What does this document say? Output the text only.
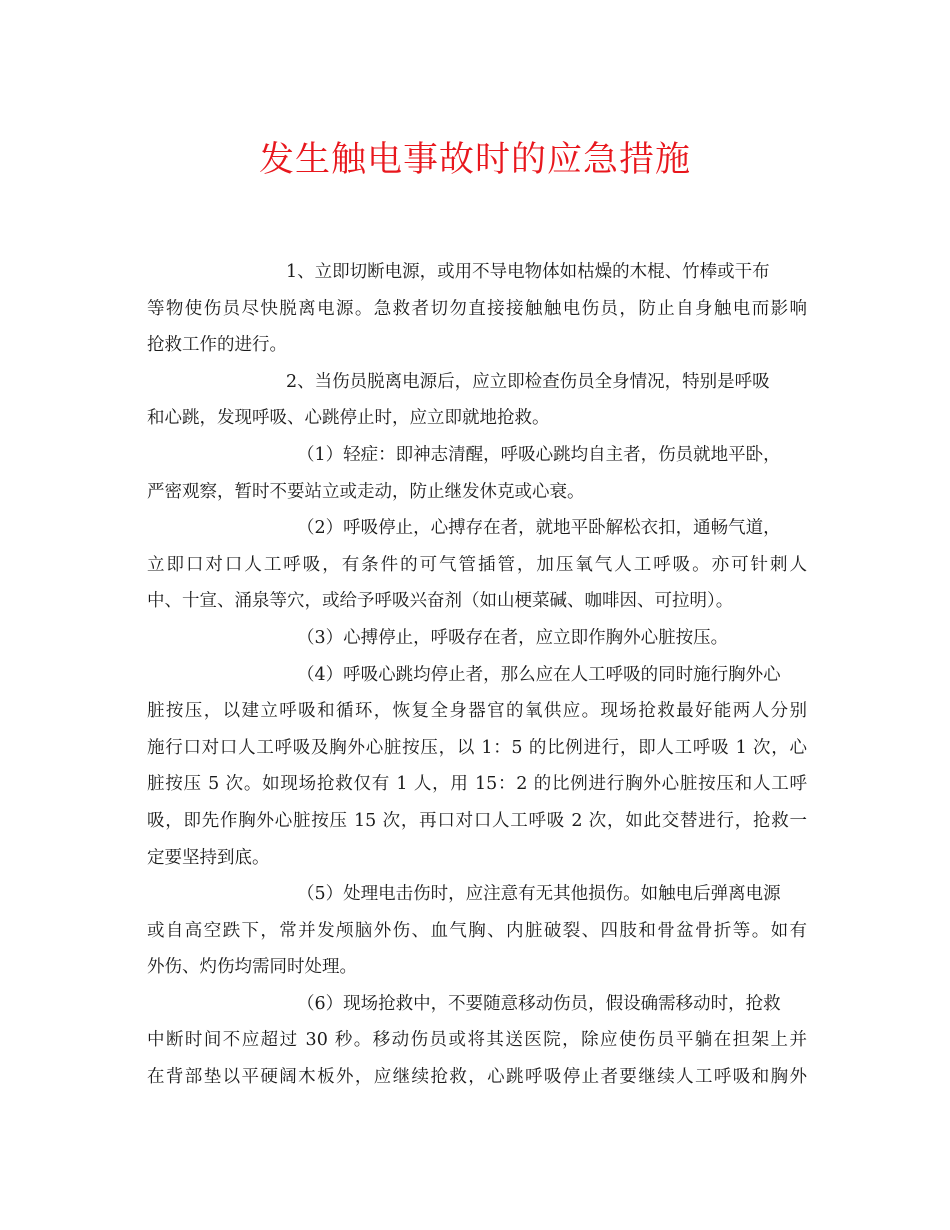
发生触电事故时的应急措施
1、立即切断电源，或用不导电物体如枯燥的木棍、竹棒或干布
等物使伤员尽快脱离电源。急救者切勿直接接触触电伤员，防止自身触电而影响
抢救工作的进行。
2、当伤员脱离电源后，应立即检查伤员全身情况，特别是呼吸
和心跳，发现呼吸、心跳停止时，应立即就地抢救。
（1）轻症：即神志清醒，呼吸心跳均自主者，伤员就地平卧，
严密观察，暂时不要站立或走动，防止继发休克或心衰。
（2）呼吸停止，心搏存在者，就地平卧解松衣扣，通畅气道，
立即口对口人工呼吸，有条件的可气管插管，加压氧气人工呼吸。亦可针刺人
中、十宣、涌泉等穴，或给予呼吸兴奋剂（如山梗菜碱、咖啡因、可拉明）。
（3）心搏停止，呼吸存在者，应立即作胸外心脏按压。
（4）呼吸心跳均停止者，那么应在人工呼吸的同时施行胸外心
脏按压，以建立呼吸和循环，恢复全身器官的氧供应。现场抢救最好能两人分别
施行口对口人工呼吸及胸外心脏按压，以 1：5 的比例进行，即人工呼吸 1 次，心
脏按压 5 次。如现场抢救仅有 1 人，用 15：2 的比例进行胸外心脏按压和人工呼
吸，即先作胸外心脏按压 15 次，再口对口人工呼吸 2 次，如此交替进行，抢救一
定要坚持到底。
（5）处理电击伤时，应注意有无其他损伤。如触电后弹离电源
或自高空跌下，常并发颅脑外伤、血气胸、内脏破裂、四肢和骨盆骨折等。如有
外伤、灼伤均需同时处理。
（6）现场抢救中，不要随意移动伤员，假设确需移动时，抢救
中断时间不应超过 30 秒。移动伤员或将其送医院，除应使伤员平躺在担架上并
在背部垫以平硬阔木板外，应继续抢救，心跳呼吸停止者要继续人工呼吸和胸外
